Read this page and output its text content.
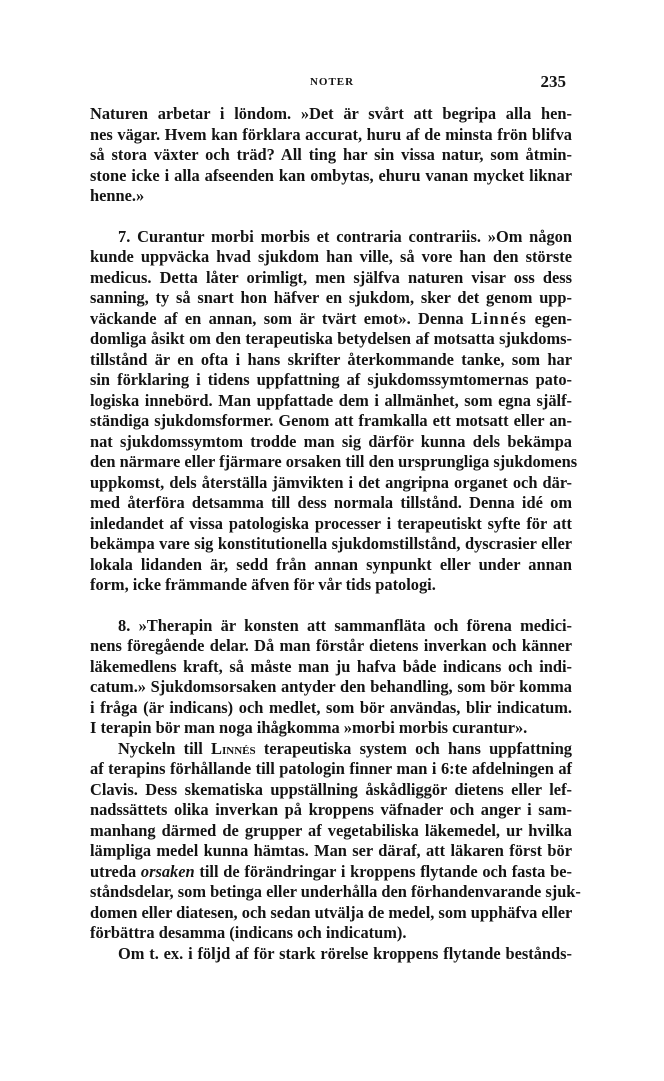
NOTER	235

Naturen arbetar i löndom. »Det är svårt att begripa alla hen-
nes vägar. Hvem kan förklara accurat, huru af de minsta frön blifva
så stora växter och träd? All ting har sin vissa natur, som åtmin-
stone icke i alla afseenden kan ombytas, ehuru vanan mycket liknar
henne.»

7. Curantur morbi morbis et contraria contrariis. »Om någon
kunde uppväcka hvad sjukdom han ville, så vore han den störste
medicus. Detta låter orimligt, men själfva naturen visar oss dess
sanning, ty så snart hon häfver en sjukdom, sker det genom upp-
väckande af en annan, som är tvärt emot». Denna Linnés egen-
domliga åsikt om den terapeutiska betydelsen af motsatta sjukdoms-
tillstånd är en ofta i hans skrifter återkommande tanke, som har
sin förklaring i tidens uppfattning af sjukdomssymtomernas pato-
logiska innebörd. Man uppfattade dem i allmänhet, som egna själf-
ständiga sjukdomsformer. Genom att framkalla ett motsatt eller an-
nat sjukdomssymtom trodde man sig därför kunna dels bekämpa
den närmare eller fjärmare orsaken till den ursprungliga sjukdomens
uppkomst, dels återställa jämvikten i det angripna organet och där-
med återföra detsamma till dess normala tillstånd. Denna idé om
inledandet af vissa patologiska processer i terapeutiskt syfte för att
bekämpa vare sig konstitutionella sjukdomstillstånd, dyscrasier eller
lokala lidanden är, sedd från annan synpunkt eller under annan
form, icke främmande äfven för vår tids patologi.

8. »Therapin är konsten att sammanfläta och förena medici-
nens föregående delar. Då man förstår dietens inverkan och känner
läkemedlens kraft, så måste man ju hafva både indicans och indi-
catum.» Sjukdomsorsaken antyder den behandling, som bör komma
i fråga (är indicans) och medlet, som bör användas, blir indicatum.
I terapin bör man noga ihågkomma »morbi morbis curantur».

Nyckeln till Linnés terapeutiska system och hans uppfattning
af terapins förhållande till patologin finner man i 6:te afdelningen af
Clavis. Dess skematiska uppställning åskådliggör dietens eller lef-
nadssättets olika inverkan på kroppens väfnader och anger i sam-
manhang därmed de grupper af vegetabiliska läkemedel, ur hvilka
lämpliga medel kunna hämtas. Man ser däraf, att läkaren först bör
utreda orsaken till de förändringar i kroppens flytande och fasta be-
ståndsdelar, som betinga eller underhålla den förhandenvarande sjuk-
domen eller diatesen, och sedan utvälja de medel, som upphäfva eller
förbättra desamma (indicans och indicatum).

Om t. ex. i följd af för stark rörelse kroppens flytande bestånds-
